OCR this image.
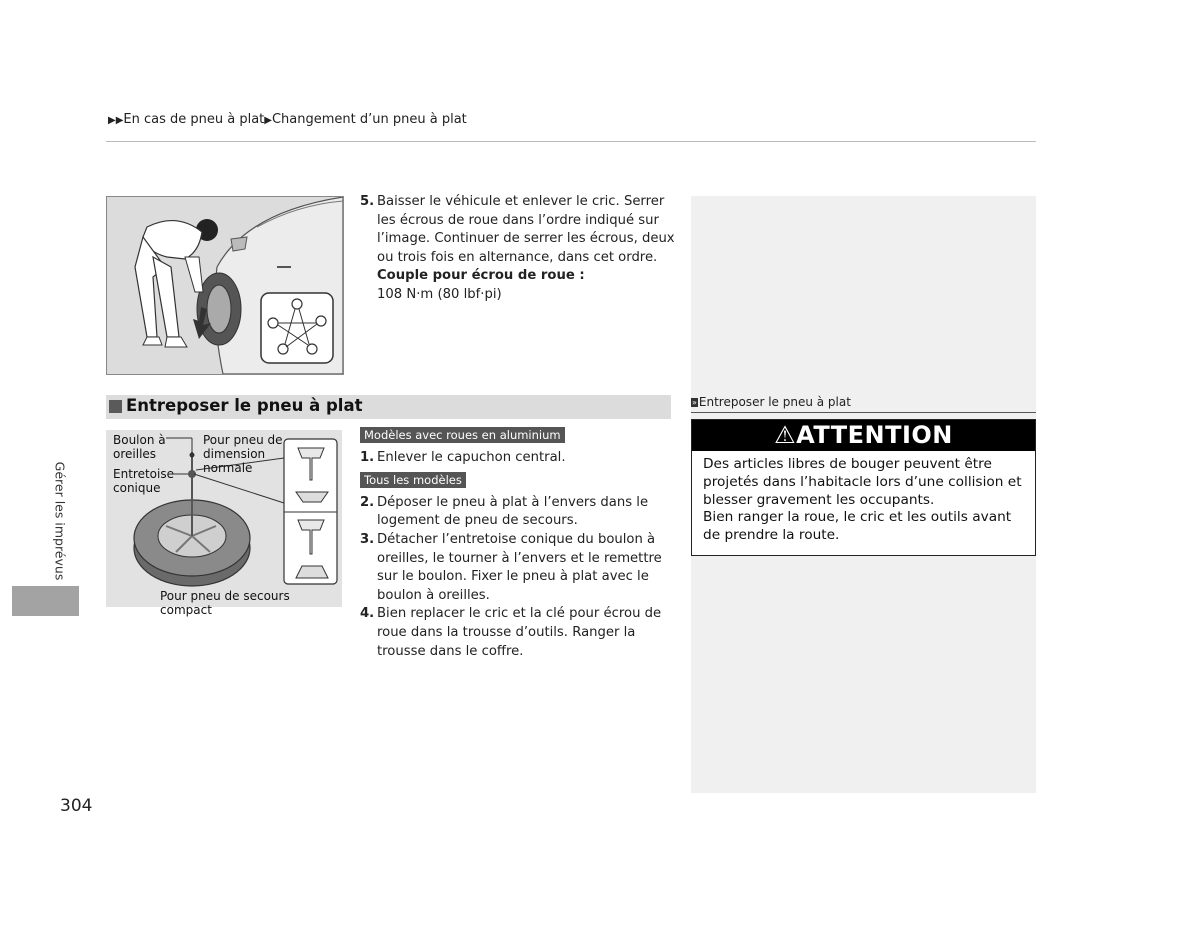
▶▶En cas de pneu à plat▶Changement d’un pneu à plat
Gérer les imprévus
304
5. Baisser le véhicule et enlever le cric. Serrer les écrous de roue dans l’ordre indiqué sur l’image. Continuer de serrer les écrous, deux ou trois fois en alternance, dans cet ordre.
Couple pour écrou de roue :
108 N·m (80 lbf·pi)
Entreposer le pneu à plat
Boulon à
oreilles
Pour pneu de
dimension
normale
Entretoise
conique
Pour pneu de secours compact
Modèles avec roues en aluminium
1. Enlever le capuchon central.
Tous les modèles
2. Déposer le pneu à plat à l’envers dans le logement de pneu de secours.
3. Détacher l’entretoise conique du boulon à oreilles, le tourner à l’envers et le remettre sur le boulon. Fixer le pneu à plat avec le boulon à oreilles.
4. Bien replacer le cric et la clé pour écrou de roue dans la trousse d’outils. Ranger la trousse dans le coffre.
» Entreposer le pneu à plat
⚠ATTENTION
Des articles libres de bouger peuvent être projetés dans l’habitacle lors d’une collision et blesser gravement les occupants.
Bien ranger la roue, le cric et les outils avant de prendre la route.
